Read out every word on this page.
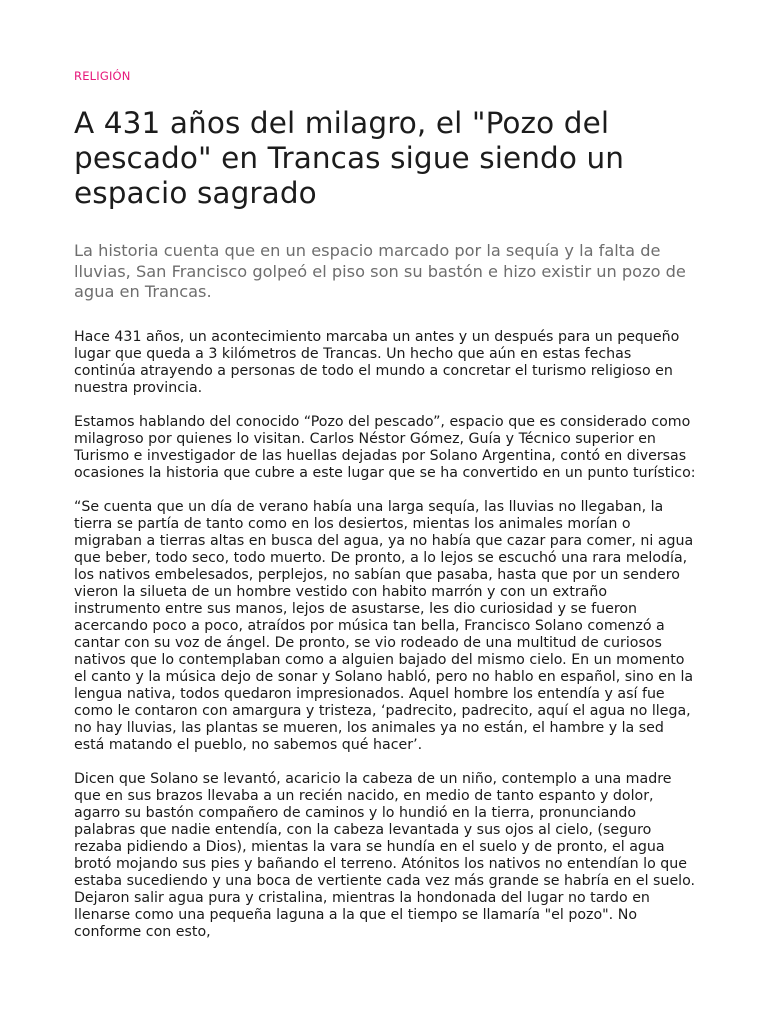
RELIGIÓN
A 431 años del milagro, el "Pozo del pescado" en Trancas sigue siendo un espacio sagrado

La historia cuenta que en un espacio marcado por la sequía y la falta de lluvias, San Francisco golpeó el piso son su bastón e hizo existir un pozo de agua en Trancas.

Hace 431 años, un acontecimiento marcaba un antes y un después para un pequeño lugar que queda a 3 kilómetros de Trancas. Un hecho que aún en estas fechas continúa atrayendo a personas de todo el mundo a concretar el turismo religioso en nuestra provincia.

Estamos hablando del conocido “Pozo del pescado”, espacio que es considerado como milagroso por quienes lo visitan. Carlos Néstor Gómez, Guía y Técnico superior en Turismo e investigador de las huellas dejadas por Solano Argentina, contó en diversas ocasiones la historia que cubre a este lugar que se ha convertido en un punto turístico:

“Se cuenta que un día de verano había una larga sequía, las lluvias no llegaban, la tierra se partía de tanto como en los desiertos, mientas los animales morían o migraban a tierras altas en busca del agua, ya no había que cazar para comer, ni agua que beber, todo seco, todo muerto. De pronto, a lo lejos se escuchó una rara melodía, los nativos embelesados, perplejos, no sabían que pasaba, hasta que por un sendero vieron la silueta de un hombre vestido con habito marrón y con un extraño instrumento entre sus manos, lejos de asustarse, les dio curiosidad y se fueron acercando poco a poco, atraídos por música tan bella, Francisco Solano comenzó a cantar con su voz de ángel. De pronto, se vio rodeado de una multitud de curiosos nativos que lo contemplaban como a alguien bajado del mismo cielo. En un momento el canto y la música dejo de sonar y Solano habló, pero no hablo en español, sino en la lengua nativa, todos quedaron impresionados. Aquel hombre los entendía y así fue como le contaron con amargura y tristeza, ‘padrecito, padrecito, aquí el agua no llega, no hay lluvias, las plantas se mueren, los animales ya no están, el hambre y la sed está matando el pueblo, no sabemos qué hacer’.

Dicen que Solano se levantó, acaricio la cabeza de un niño, contemplo a una madre que en sus brazos llevaba a un recién nacido, en medio de tanto espanto y dolor, agarro su bastón compañero de caminos y lo hundió en la tierra, pronunciando palabras que nadie entendía, con la cabeza levantada y sus ojos al cielo, (seguro rezaba pidiendo a Dios), mientas la vara se hundía en el suelo y de pronto, el agua brotó mojando sus pies y bañando el terreno. Atónitos los nativos no entendían lo que estaba sucediendo y una boca de vertiente cada vez más grande se habría en el suelo. Dejaron salir agua pura y cristalina, mientras la hondonada del lugar no tardo en llenarse como una pequeña laguna a la que el tiempo se llamaría "el pozo". No conforme con esto,
